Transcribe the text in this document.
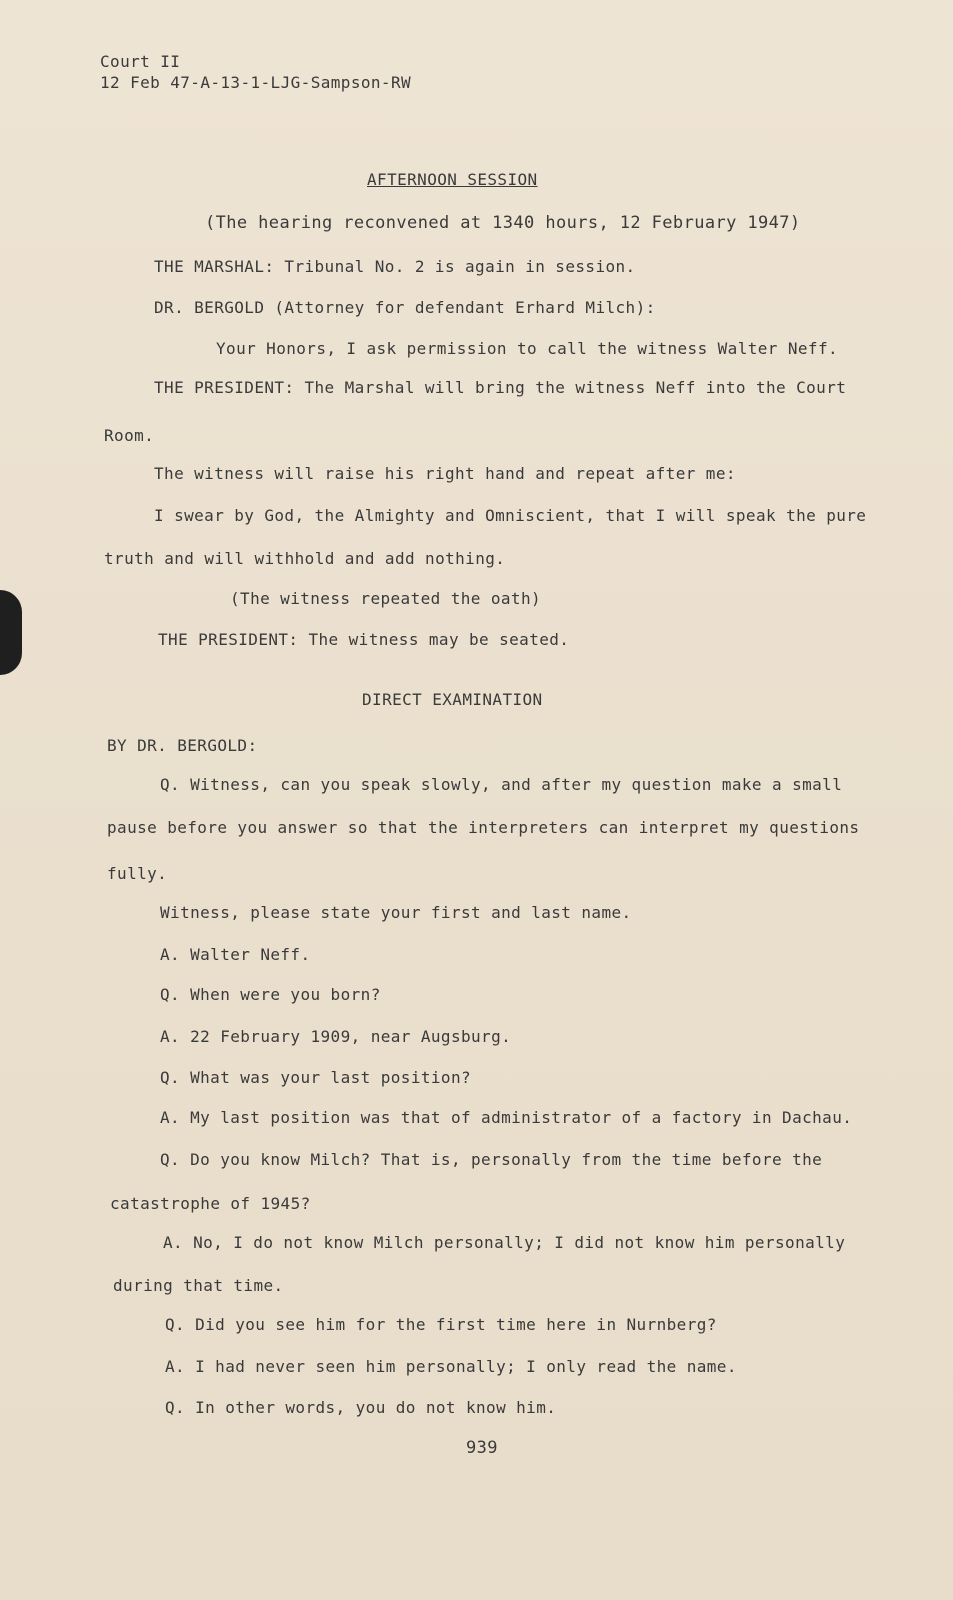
Court II
12 Feb 47-A-13-1-LJG-Sampson-RW
AFTERNOON SESSION
(The hearing reconvened at 1340 hours, 12 February 1947)
THE MARSHAL: Tribunal No. 2 is again in session.
DR. BERGOLD (Attorney for defendant Erhard Milch):
Your Honors, I ask permission to call the witness Walter Neff.
THE PRESIDENT: The Marshal will bring the witness Neff into the Court
Room.
The witness will raise his right hand and repeat after me:
I swear by God, the Almighty and Omniscient, that I will speak the pure
truth and will withhold and add nothing.
(The witness repeated the oath)
THE PRESIDENT: The witness may be seated.
DIRECT EXAMINATION
BY DR. BERGOLD:
Q. Witness, can you speak slowly, and after my question make a small
pause before you answer so that the interpreters can interpret my questions
fully.
Witness, please state your first and last name.
A. Walter Neff.
Q. When were you born?
A. 22 February 1909, near Augsburg.
Q. What was your last position?
A. My last position was that of administrator of a factory in Dachau.
Q. Do you know Milch? That is, personally from the time before the
catastrophe of 1945?
A. No, I do not know Milch personally; I did not know him personally
during that time.
Q. Did you see him for the first time here in Nurnberg?
A. I had never seen him personally; I only read the name.
Q. In other words, you do not know him.
939
